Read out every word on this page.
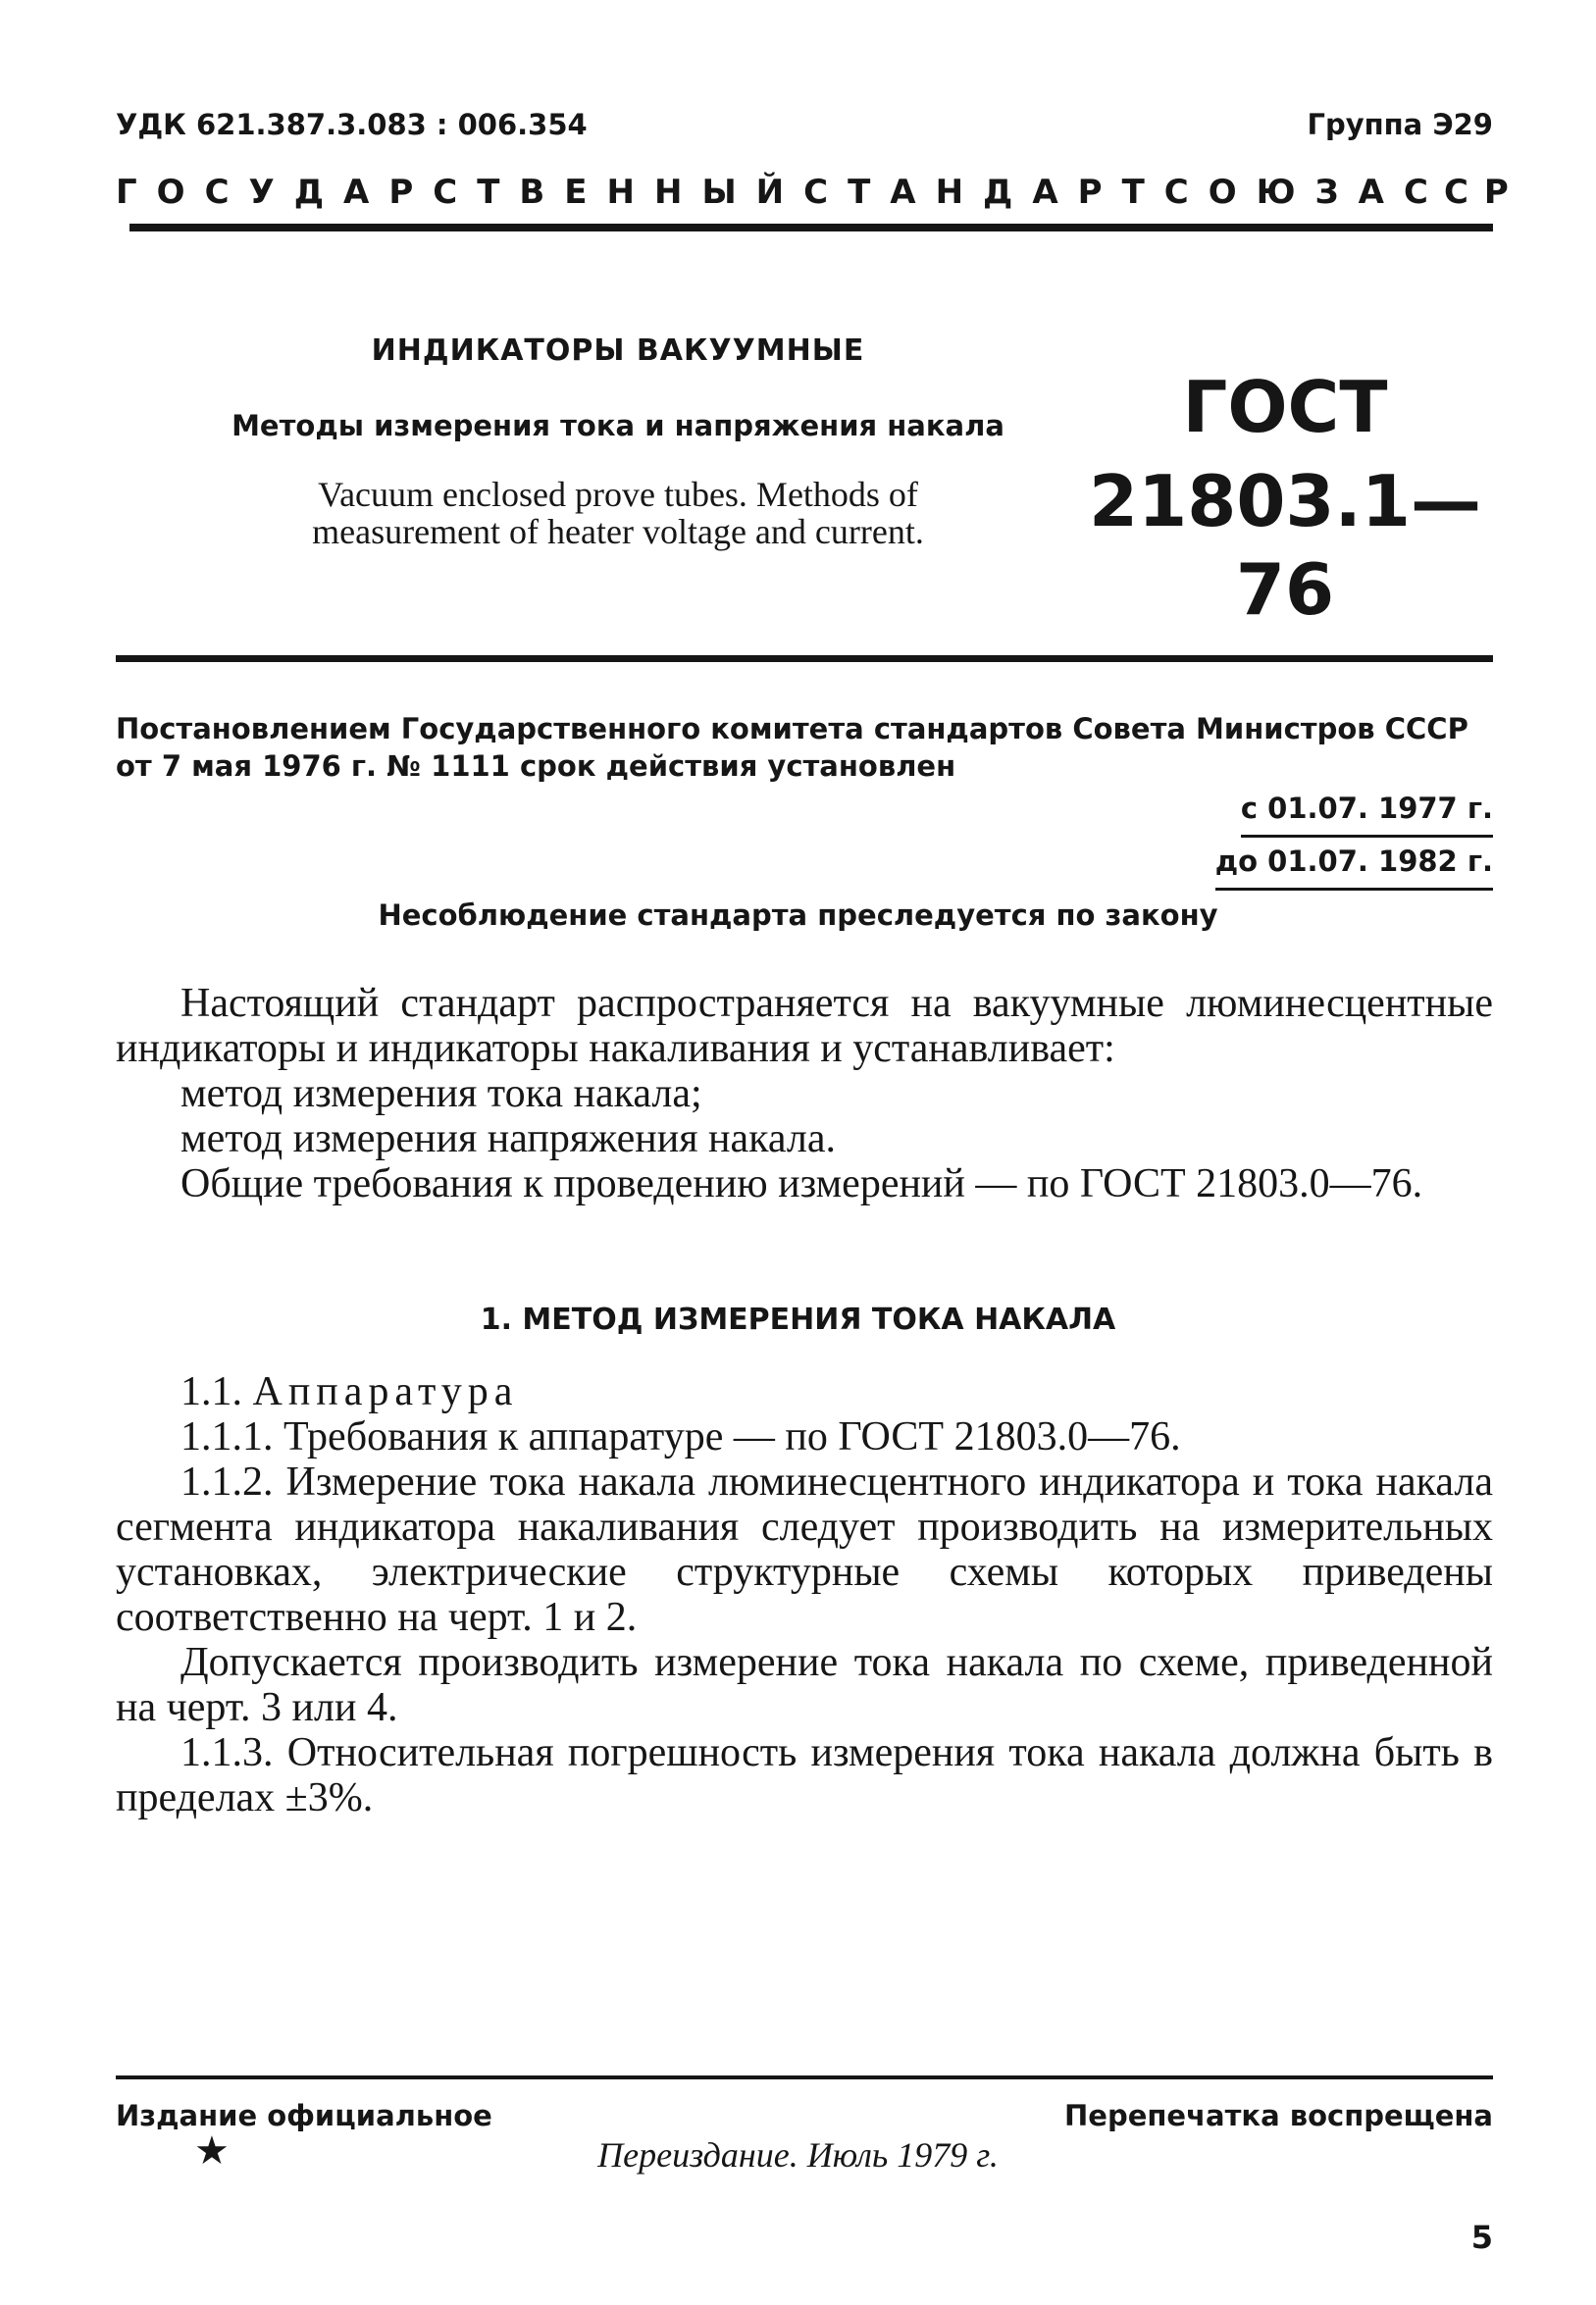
УДК 621.387.3.083 : 006.354	Группа Э29
ГОСУДАРСТВЕННЫЙ СТАНДАРТ СОЮЗА ССР
ИНДИКАТОРЫ ВАКУУМНЫЕ
Методы измерения тока и напряжения накала
Vacuum enclosed prove tubes. Methods of
measurement of heater voltage and current.
ГОСТ
21803.1—76
Постановлением Государственного комитета стандартов Совета Министров СССР от 7 мая 1976 г. № 1111 срок действия установлен
с 01.07. 1977 г.
до 01.07. 1982 г.
Несоблюдение стандарта преследуется по закону

Настоящий стандарт распространяется на вакуумные люминесцентные индикаторы и индикаторы накаливания и устанавливает:

метод измерения тока накала;

метод измерения напряжения накала.

Общие требования к проведению измерений — по ГОСТ 21803.0—76.

1. МЕТОД ИЗМЕРЕНИЯ ТОКА НАКАЛА

1.1. Аппаратура

1.1.1. Требования к аппаратуре — по ГОСТ 21803.0—76.

1.1.2. Измерение тока накала люминесцентного индикатора и тока накала сегмента индикатора накаливания следует производить на измерительных установках, электрические структурные схемы которых приведены соответственно на черт. 1 и 2.

Допускается производить измерение тока накала по схеме, приведенной на черт. 3 или 4.

1.1.3. Относительная погрешность измерения тока накала должна быть в пределах ±3%.

Издание официальное
★
Перепечатка воспрещена
Переиздание. Июль 1979 г.
5
